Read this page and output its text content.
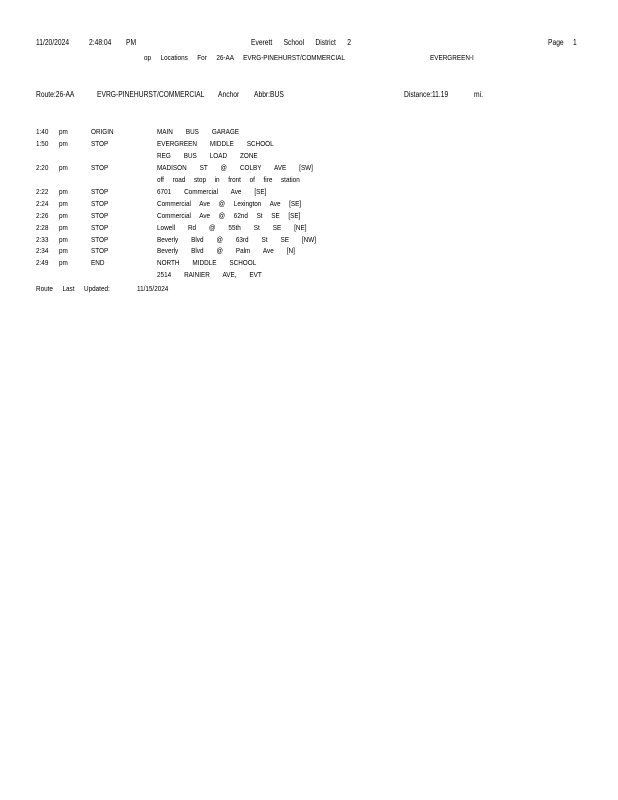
11/20/2024	2:48:04 PM	Everett School District 2	Page 1
op Locations For 26-AA EVRG-PINEHURST/COMMERCIAL	EVERGREEN-I
Route:26-AA	EVRG-PINEHURST/COMMERCIAL Anchor Abbr:BUS	Distance:11.19	mi.
1:40 pm	ORIGIN	MAIN BUS GARAGE
1:50 pm	STOP	EVERGREEN MIDDLE SCHOOL
REG BUS LOAD ZONE
2:20 pm	STOP	MADISON ST @ COLBY AVE [SW]
off road stop in front of fire station
2:22 pm	STOP	6701 Commercial Ave [SE]
2:24 pm	STOP	Commercial Ave @ Lexington Ave [SE]
2:26 pm	STOP	Commercial Ave @ 62nd St SE [SE]
2:28 pm	STOP	Lowell Rd @ 55th St SE [NE]
2:33 pm	STOP	Beverly Blvd @ 63rd St SE [NW]
2:34 pm	STOP	Beverly Blvd @ Palm Ave [N]
2:49 pm	END	NORTH MIDDLE SCHOOL
2514 RAINIER AVE, EVT
Route Last Updated:	11/15/2024
